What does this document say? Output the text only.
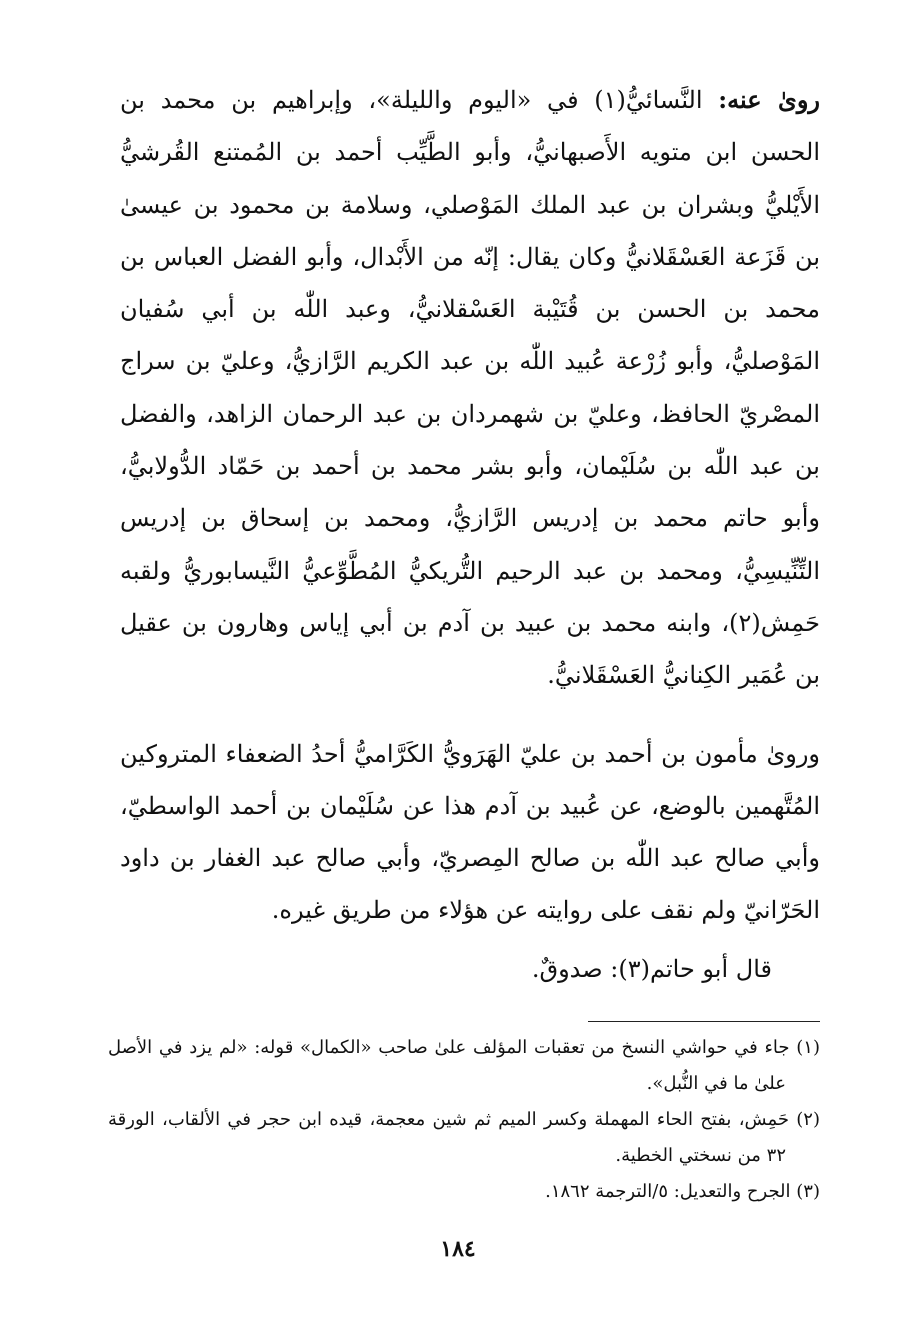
روىٰ عنه: النَّسائيُّ(١) في «اليوم والليلة»، وإبراهيم بن محمد بن الحسن ابن متويه الأَصبهانيُّ، وأبو الطَّيِّب أحمد بن المُمتنع القُرشيُّ الأَيْليُّ وبشران بن عبد الملك المَوْصلي، وسلامة بن محمود بن عيسىٰ بن قَزَعة العَسْقَلانيُّ وكان يقال: إنّه من الأَبْدال، وأبو الفضل العباس بن محمد بن الحسن بن قُتَيْبة العَسْقلانيُّ، وعبد اللّٰه بن أبي سُفيان المَوْصليُّ، وأبو زُرْعة عُبيد اللّٰه بن عبد الكريم الرَّازيُّ، وعليّ بن سراج المصْريّ الحافظ، وعليّ بن شهمردان بن عبد الرحمان الزاهد، والفضل بن عبد اللّٰه بن سُلَيْمان، وأبو بشر محمد بن أحمد بن حَمّاد الدُّولابيُّ، وأبو حاتم محمد بن إدريس الرَّازيُّ، ومحمد بن إسحاق بن إدريس التِّنِّيسِيُّ، ومحمد بن عبد الرحيم التُّريكيُّ المُطَّوِّعيُّ النَّيسابوريُّ ولقبه حَمِش(٢)، وابنه محمد بن عبيد بن آدم بن أبي إياس وهارون بن عقيل بن عُمَير الكِنانيُّ العَسْقَلانيُّ.

وروىٰ مأمون بن أحمد بن عليّ الهَرَويُّ الكَرَّاميُّ أحدُ الضعفاء المتروكين المُتَّهمين بالوضع، عن عُبيد بن آدم هذا عن سُلَيْمان بن أحمد الواسطيّ، وأبي صالح عبد اللّٰه بن صالح المِصريّ، وأبي صالح عبد الغفار بن داود الحَرّانيّ ولم نقف على روايته عن هؤلاء من طريق غيره.

قال أبو حاتم(٣): صدوقٌ.

(١) جاء في حواشي النسخ من تعقبات المؤلف علىٰ صاحب «الكمال» قوله: «لم يزد في الأصل علىٰ ما في النُّبل».

(٢) حَمِش، بفتح الحاء المهملة وكسر الميم ثم شين معجمة، قيده ابن حجر في الألقاب، الورقة ٣٢ من نسختي الخطية.

(٣) الجرح والتعديل: ٥/الترجمة ١٨٦٢.

١٨٤
